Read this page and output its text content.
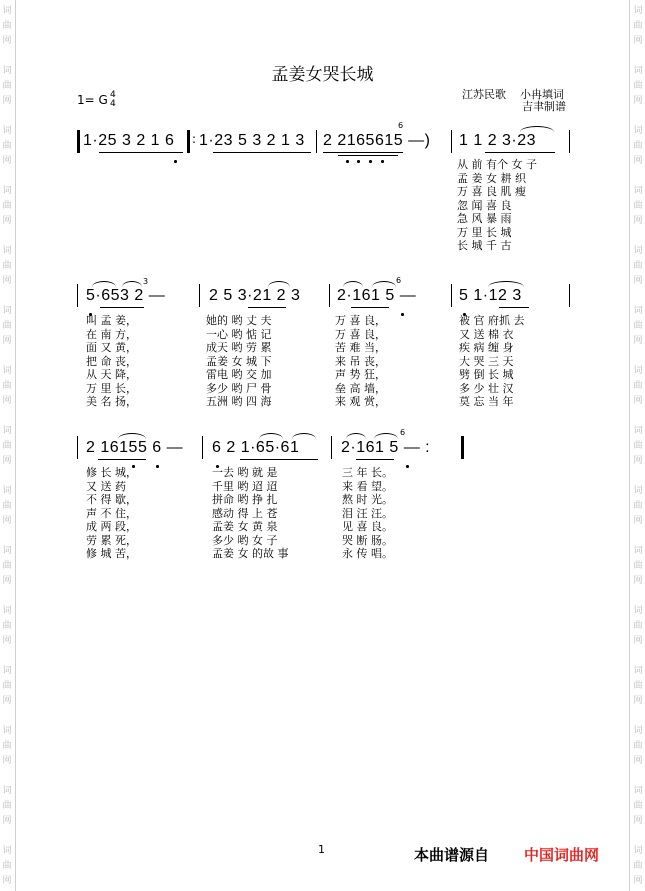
词
曲
网
词
曲
网
词
曲
网
词
曲
网
词
曲
网
词
曲
网
词
曲
网
词
曲
网
词
曲
网
词
曲
网
词
曲
网
词
曲
网
词
曲
网
词
曲
网
词
曲
网
词
曲
网
词
曲
网
词
曲
网
词
曲
网
词
曲
网
词
曲
网
词
曲
网
词
曲
网
词
曲
网
词
曲
网
词
曲
网
词
曲
网
词
曲
网
词
曲
网
词
曲
网
孟姜女哭长城
江苏民歌 小冉填词
吉聿制谱
1= G 4
4
1·25 3 2 1 6 : 1·23 5 3 2 1 3 2 2165615 —) 1 1 2 3·23
6
从 前 有个 女 子
孟 姜 女 耕 织
万 喜 良 肌 瘦
忽 闻 喜 良
急 风 暴 雨
万 里 长 城
长 城 千 古
5·653 2 —	2 5 3·21 2 3 2·161 5 —	5 1·12 3
3	6
叫 孟 姜，
在 南 方，
面 又 黄，
把 命 丧，
从 天 降，
万 里 长，
美 名 扬，
她的 哟 丈 夫
一心 哟 惦 记
成天 哟 劳 累
孟姜 女 城 下
雷电 哟 交 加
多少 哟 尸 骨
五洲 哟 四 海
万 喜 良，
万 喜 良，
苦 难 当，
来 吊 丧，
声 势 狂，
垒 高 墙，
来 观 赏，
被 官 府抓 去
又 送 棉 衣
疾 病 缠 身
大 哭 三 天
劈 倒 长 城
多 少 壮 汉
莫 忘 当 年
2 16155 6 — 6 2 1·65·61	2·161 5 — :
6
修 长 城，
又 送 药
不 得 歇，
声 不 住，
成 两 段，
劳 累 死，
修 城 苦，
一去 哟 就 是
千里 哟 迢 迢
拼命 哟 挣 扎
感动 得 上 苍
孟姜 女 黄 泉
多少 哟 女 子
孟姜 女 的故 事
三 年 长。
来 看 望。
熬 时 光。
泪 汪 汪。
见 喜 良。
哭 断 肠。
永 传 唱。
1	本曲谱源自 中国词曲网
